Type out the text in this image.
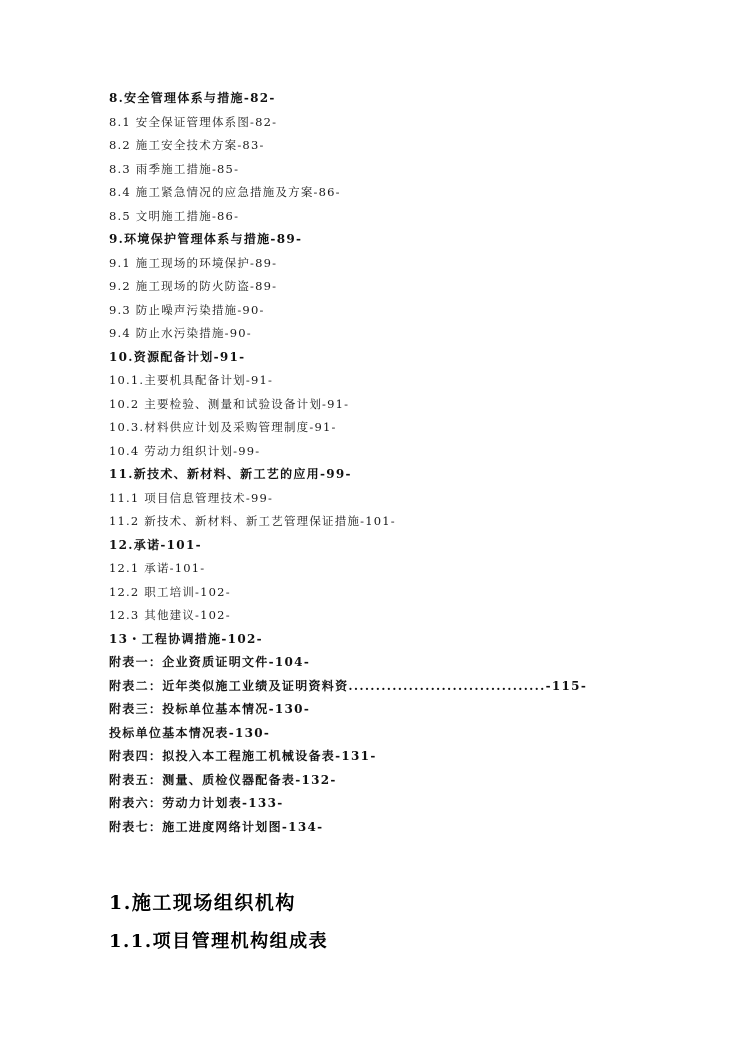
8.安全管理体系与措施-82-
8.1 安全保证管理体系图-82-
8.2 施工安全技术方案-83-
8.3 雨季施工措施-85-
8.4 施工紧急情况的应急措施及方案-86-
8.5 文明施工措施-86-
9.环境保护管理体系与措施-89-
9.1 施工现场的环境保护-89-
9.2 施工现场的防火防盗-89-
9.3 防止噪声污染措施-90-
9.4 防止水污染措施-90-
10.资源配备计划-91-
10.1.主要机具配备计划-91-
10.2 主要检验、测量和试验设备计划-91-
10.3.材料供应计划及采购管理制度-91-
10.4 劳动力组织计划-99-
11.新技术、新材料、新工艺的应用-99-
11.1 项目信息管理技术-99-
11.2 新技术、新材料、新工艺管理保证措施-101-
12.承诺-101-
12.1 承诺-101-
12.2 职工培训-102-
12.3 其他建议-102-
13・工程协调措施-102-
附表一：企业资质证明文件-104-
附表二：近年类似施工业绩及证明资料资....................................-115-
附表三：投标单位基本情况-130-
投标单位基本情况表-130-
附表四：拟投入本工程施工机械设备表-131-
附表五：测量、质检仪器配备表-132-
附表六：劳动力计划表-133-
附表七：施工进度网络计划图-134-
1.施工现场组织机构
1.1.项目管理机构组成表
